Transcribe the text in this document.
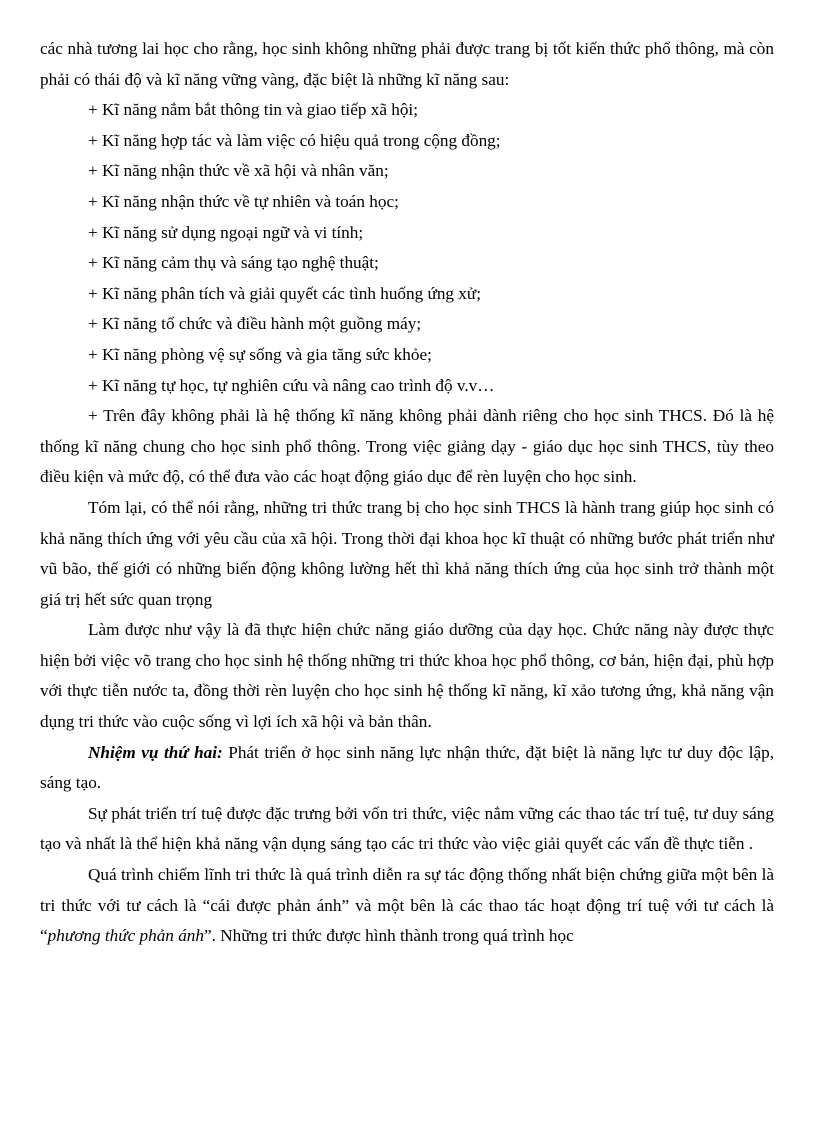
các nhà tương lai học cho rằng, học sinh không những phải được trang bị tốt kiến thức phổ thông, mà còn phải có thái độ và kĩ năng vững vàng, đặc biệt là những kĩ năng sau:

+ Kĩ năng nắm bắt thông tin và giao tiếp xã hội;
+ Kĩ năng hợp tác và làm việc có hiệu quả trong cộng đồng;
+ Kĩ năng nhận thức về xã hội và nhân văn;
+ Kĩ năng nhận thức về tự nhiên và toán học;
+ Kĩ năng sử dụng ngoại ngữ và vi tính;
+ Kĩ năng cảm thụ và sáng tạo nghệ thuật;
+ Kĩ năng phân tích và giải quyết các tình huống ứng xử;
+ Kĩ năng tổ chức và điều hành một guồng máy;
+ Kĩ năng phòng vệ sự sống và gia tăng sức khỏe;
+ Kĩ năng tự học, tự nghiên cứu và nâng cao trình độ v.v…

+ Trên đây không phải là hệ thống kĩ năng không phải dành riêng cho học sinh THCS. Đó là hệ thống kĩ năng chung cho học sinh phổ thông. Trong việc giảng dạy - giáo dục học sinh THCS, tùy theo điều kiện và mức độ, có thể đưa vào các hoạt động giáo dục để rèn luyện cho học sinh.

Tóm lại, có thể nói rằng, những tri thức trang bị cho học sinh THCS là hành trang giúp học sinh có khả năng thích ứng với yêu cầu của xã hội. Trong thời đại khoa học kĩ thuật có những bước phát triển như vũ bão, thế giới có những biến động không lường hết thì khả năng thích ứng của học sinh trở thành một giá trị hết sức quan trọng

Làm được như vậy là đã thực hiện chức năng giáo dưỡng của dạy học. Chức năng này được thực hiện bởi việc võ trang cho học sinh hệ thống những tri thức khoa học phổ thông, cơ bản, hiện đại, phù hợp với thực tiễn nước ta, đồng thời rèn luyện cho học sinh hệ thống kĩ năng, kĩ xảo tương ứng, khả năng vận dụng tri thức vào cuộc sống vì lợi ích xã hội và bản thân.

Nhiệm vụ thứ hai: Phát triển ở học sinh năng lực nhận thức, đặt biệt là năng lực tư duy độc lập, sáng tạo.

Sự phát triển trí tuệ được đặc trưng bởi vốn tri thức, việc nắm vững các thao tác trí tuệ, tư duy sáng tạo và nhất là thể hiện khả năng vận dụng sáng tạo các tri thức vào việc giải quyết các vấn đề thực tiễn .

Quá trình chiếm lĩnh tri thức là quá trình diễn ra sự tác động thống nhất biện chứng giữa một bên là tri thức với tư cách là “cái được phản ánh” và một bên là các thao tác hoạt động trí tuệ với tư cách là “phương thức phản ánh”. Những tri thức được hình thành trong quá trình học
